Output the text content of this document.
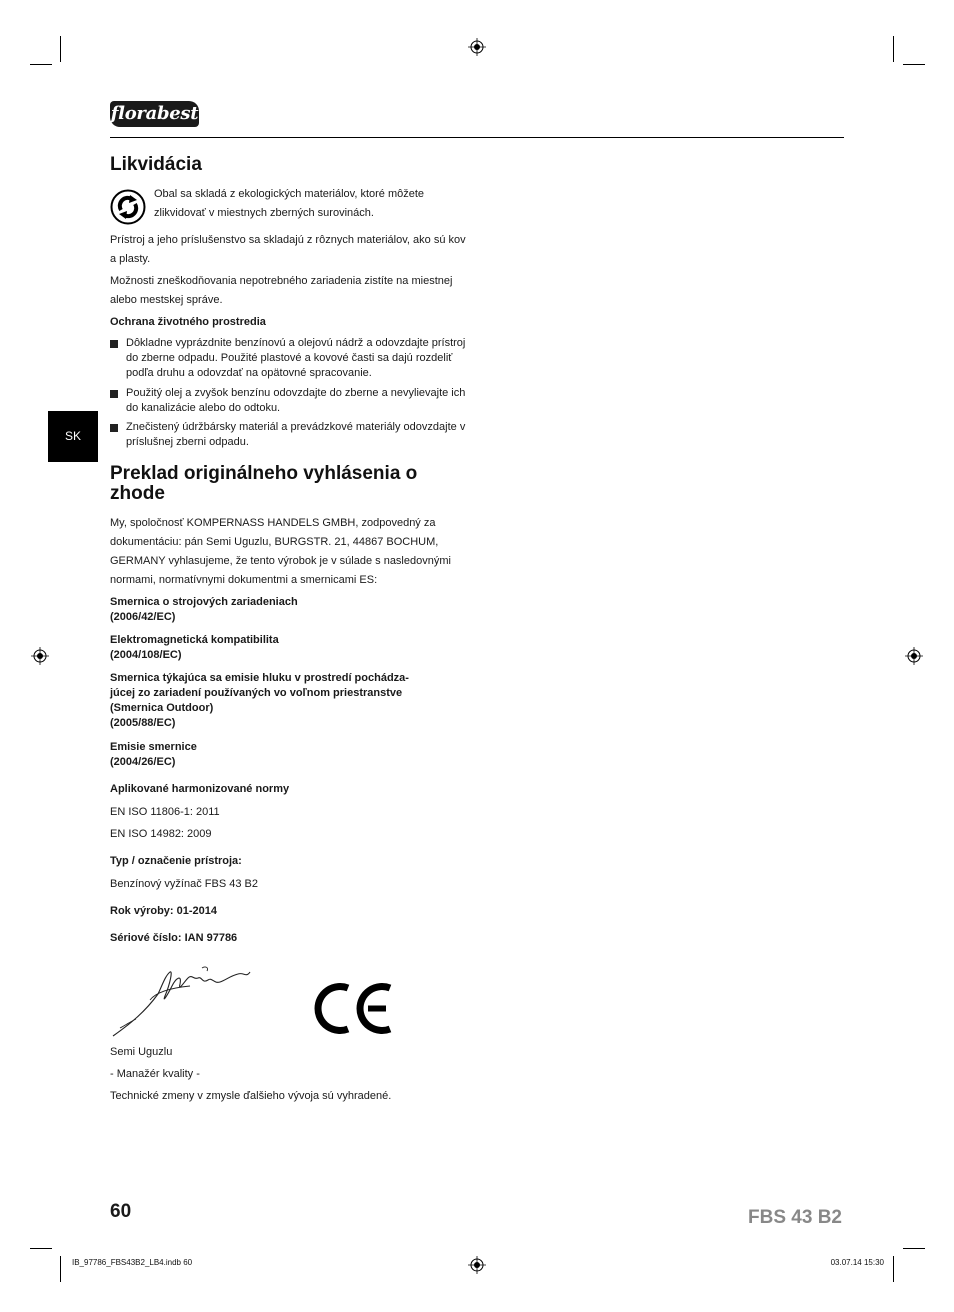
florabest
SK
Likvidácia
Obal sa skladá z ekologických materiálov, ktoré môžete zlikvidovať v miestnych zberných surovinách.
Prístroj a jeho príslušenstvo sa skladajú z rôznych materiálov, ako sú kov a plasty.
Možnosti zneškodňovania nepotrebného zariadenia zistíte na miestnej alebo mestskej správe.
Ochrana životného prostredia
Dôkladne vyprázdnite benzínovú a olejovú nádrž a odovzdajte prístroj do zberne odpadu. Použité plastové a kovové časti sa dajú rozdeliť podľa druhu a odovzdať na opätovné spracovanie.
Použitý olej a zvyšok benzínu odovzdajte do zberne a nevylievajte ich do kanalizácie alebo do odtoku.
Znečistený údržbársky materiál a prevádzkové materiály odovzdajte v príslušnej zberni odpadu.
Preklad originálneho vyhlásenia o zhode
My, spoločnosť KOMPERNASS HANDELS GMBH, zodpovedný za dokumentáciu: pán Semi Uguzlu, BURGSTR. 21, 44867 BOCHUM, GERMANY vyhlasujeme, že tento výrobok je v súlade s nasledovnými normami, normatívnymi dokumentmi a smernicami ES:
Smernica o strojových zariadeniach
(2006/42/EC)
Elektromagnetická kompatibilita
(2004/108/EC)
Smernica týkajúca sa emisie hluku v prostredí pochádza-
júcej zo zariadení používaných vo voľnom priestranstve
(Smernica Outdoor)
(2005/88/EC)
Emisie smernice
(2004/26/EC)
Aplikované harmonizované normy
EN ISO 11806-1: 2011
EN ISO 14982: 2009
Typ / označenie prístroja:
Benzínový vyžínač FBS 43 B2
Rok výroby: 01-2014
Sériové číslo: IAN 97786
Semi Uguzlu
- Manažér kvality -
Technické zmeny v zmysle ďalšieho vývoja sú vyhradené.
60	FBS 43 B2
IB_97786_FBS43B2_LB4.indb 60	03.07.14 15:30
